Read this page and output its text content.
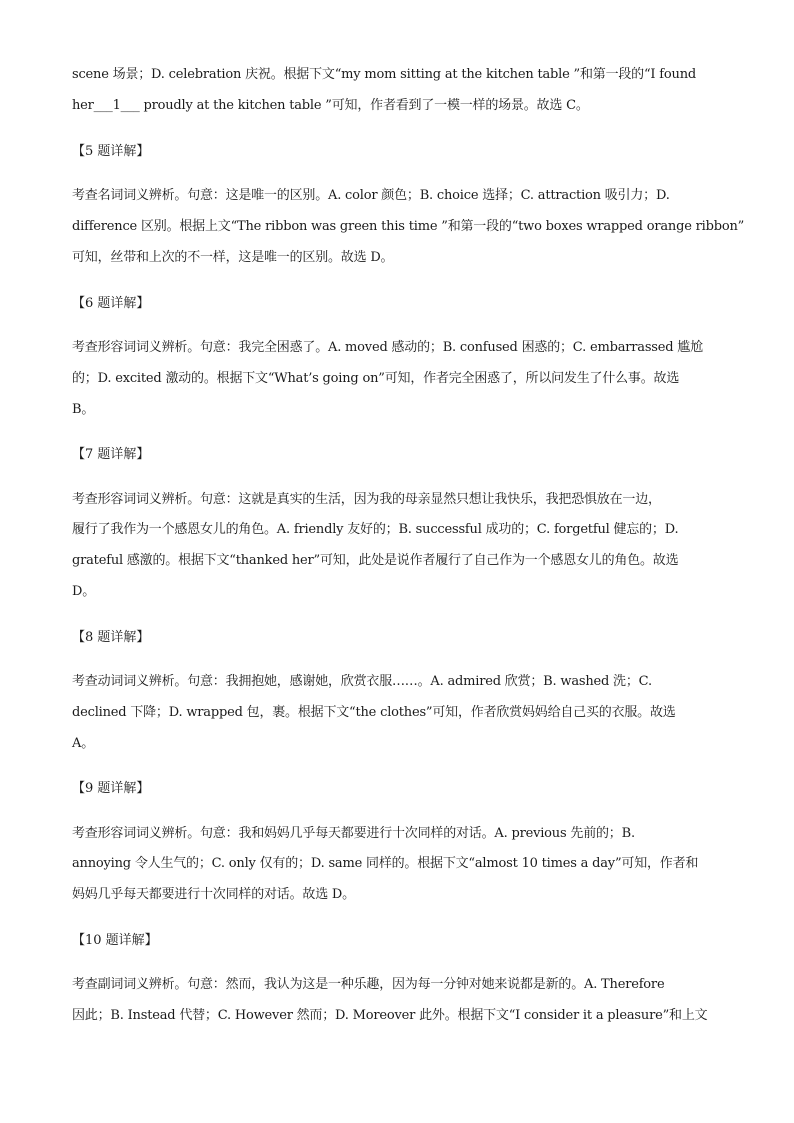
scene 场景；D. celebration 庆祝。根据下文“my mom sitting at the kitchen table ”和第一段的“I found
her___1___ proudly at the kitchen table ”可知，作者看到了一模一样的场景。故选 C。
【5 题详解】
考查名词词义辨析。句意：这是唯一的区别。A. color 颜色；B. choice 选择；C. attraction 吸引力；D.
difference 区别。根据上文“The ribbon was green this time ”和第一段的“two boxes wrapped orange ribbon”
可知，丝带和上次的不一样，这是唯一的区别。故选 D。
【6 题详解】
考查形容词词义辨析。句意：我完全困惑了。A. moved 感动的；B. confused 困惑的；C. embarrassed 尴尬
的；D. excited 激动的。根据下文“What’s going on”可知，作者完全困惑了，所以问发生了什么事。故选
B。
【7 题详解】
考查形容词词义辨析。句意：这就是真实的生活，因为我的母亲显然只想让我快乐，我把恐惧放在一边，
履行了我作为一个感恩女儿的角色。A. friendly 友好的；B. successful 成功的；C. forgetful 健忘的；D.
grateful 感激的。根据下文“thanked her”可知，此处是说作者履行了自己作为一个感恩女儿的角色。故选
D。
【8 题详解】
考查动词词义辨析。句意：我拥抱她，感谢她，欣赏衣服……。A. admired 欣赏；B. washed 洗；C.
declined 下降；D. wrapped 包，裹。根据下文“the clothes”可知，作者欣赏妈妈给自己买的衣服。故选
A。
【9 题详解】
考查形容词词义辨析。句意：我和妈妈几乎每天都要进行十次同样的对话。A. previous 先前的；B.
annoying 令人生气的；C. only 仅有的；D. same 同样的。根据下文“almost 10 times a day”可知，作者和
妈妈几乎每天都要进行十次同样的对话。故选 D。
【10 题详解】
考查副词词义辨析。句意：然而，我认为这是一种乐趣，因为每一分钟对她来说都是新的。A. Therefore
因此；B. Instead 代替；C. However 然而；D. Moreover 此外。根据下文“I consider it a pleasure”和上文
